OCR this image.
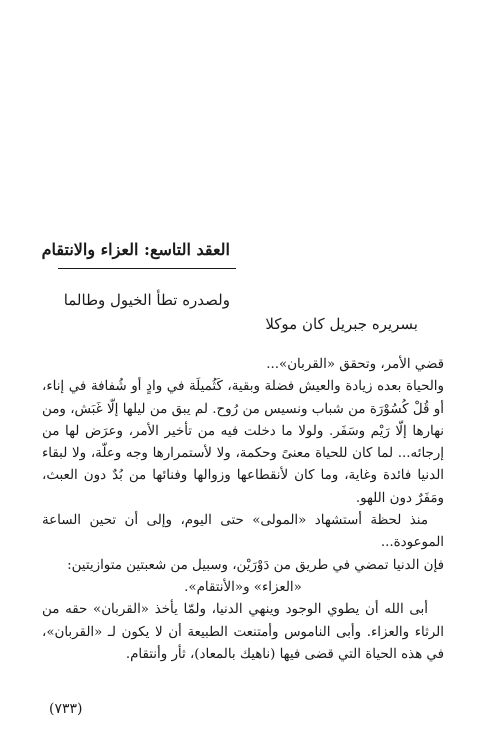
العقد التاسع: العزاء والانتقام
ولصدره تطأ الخيول وطالما
بسريره جبريل كان موكلا

قضي الأمر، وتحقق «القربان»...

والحياة بعده زيادة والعيش فضلة وبقية، كَثُميلَة في وادٍ أو شُفافة في إناء، أو قُلْ كُسُوْرَة من شباب ونسيس من رُوح. لم يبق من ليلها إلّا غَبَش، ومن نهارها إلّا رَيْم وسَفَر. ولولا ما دخلت فيه من تأخير الأمر، وعرَض لها من إرجائه... لما كان للحياة معنىً وحكمة، ولا لأستمرارها وجه وعلّة، ولا لبقاء الدنيا فائدة وغاية، وما كان لأنقطاعها وزوالها وفنائها من بُدٌ دون العبث، ومَفَرٌ دون اللهو.

منذ لحظة أستشهاد «المولى» حتى اليوم، وإلى أن تحين الساعة الموعودة...

فإن الدنيا تمضي في طريق من دَوْرَيْن، وسبيل من شعبتين متوازيتين:

«العزاء» و«الأنتقام».

أبى الله أن يطوي الوجود وينهي الدنيا، ولمّا يأخذ «القربان» حقه من الرثاء والعزاء. وأبى الناموس وأمتنعت الطبيعة أن لا يكون لـ «القربان»، في هذه الحياة التي قضى فيها (ناهيك بالمعاد)، ثأر وأنتقام.

(٧٣٣)
